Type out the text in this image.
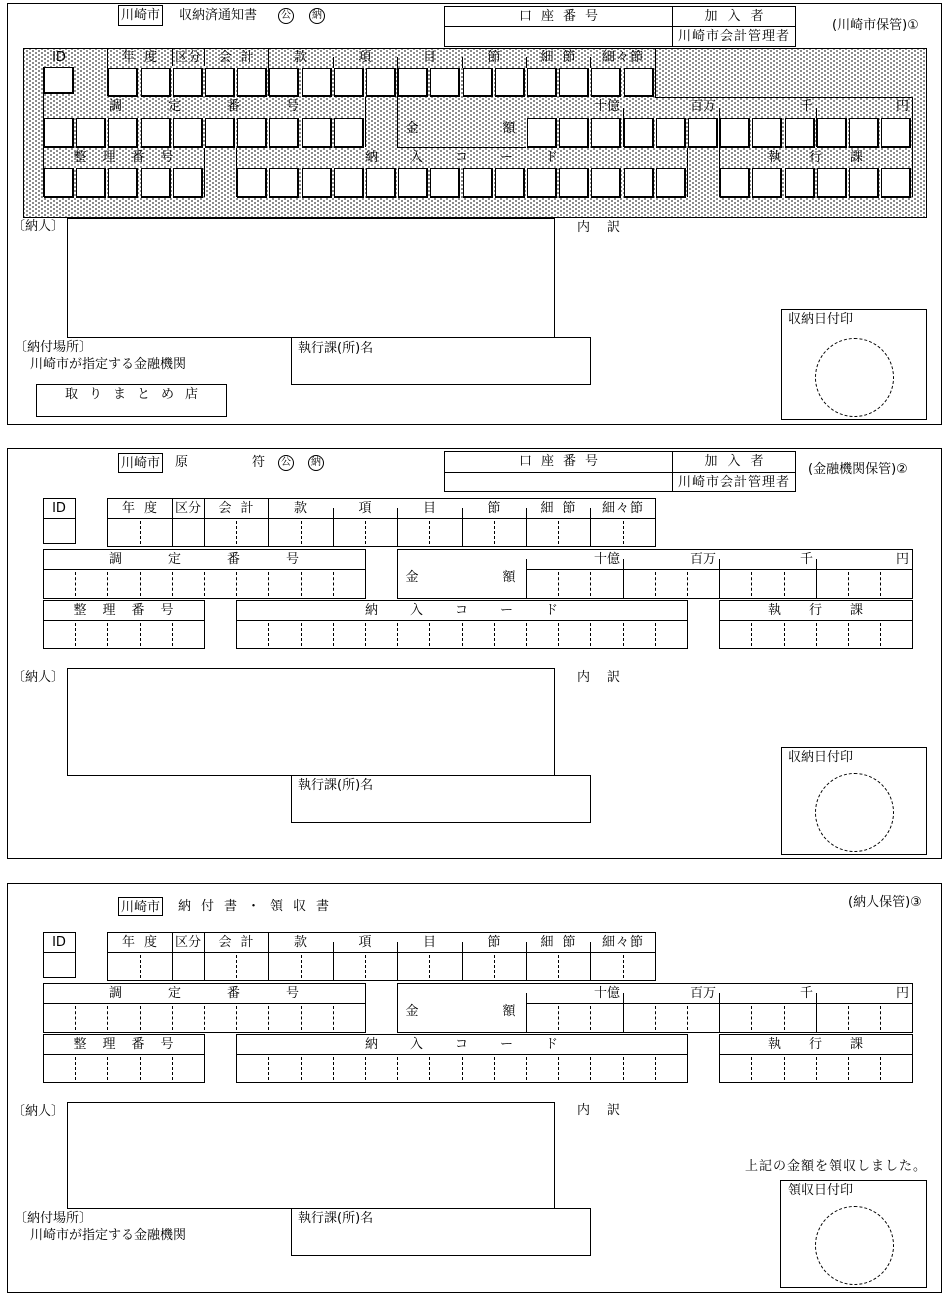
川崎市 収納済通知書	公	納	口座番号	加入者
川崎市会計管理者
(川崎市保管)①
ID	年度 区分	会計	款	項	目	節	細節	細々節
調定番号	十億	百万	千	円
金	額
整理番号	納入コード	執行課
〔納人〕	内訳
〔納付場所〕
川崎市が指定する金融機関
執行課(所)名
取りまとめ店
収納日付印
川崎市 原符	公	納	口座番号	加入者
川崎市会計管理者
(金融機関保管)②
ID	年度 区分	会計	款	項	目	節	細節	細々節
調定番号	十億	百万	千	円
金	額
整理番号	納入コード	執行課
〔納人〕	内訳
執行課(所)名
収納日付印
川崎市 納付書・領収書	(納人保管)③
ID	年度 区分	会計	款	項	目	節	細節	細々節
調定番号	十億	百万	千	円
金	額
整理番号	納入コード	執行課
〔納人〕	内訳
〔納付場所〕
川崎市が指定する金融機関
執行課(所)名
上記の金額を領収しました。
領収日付印
